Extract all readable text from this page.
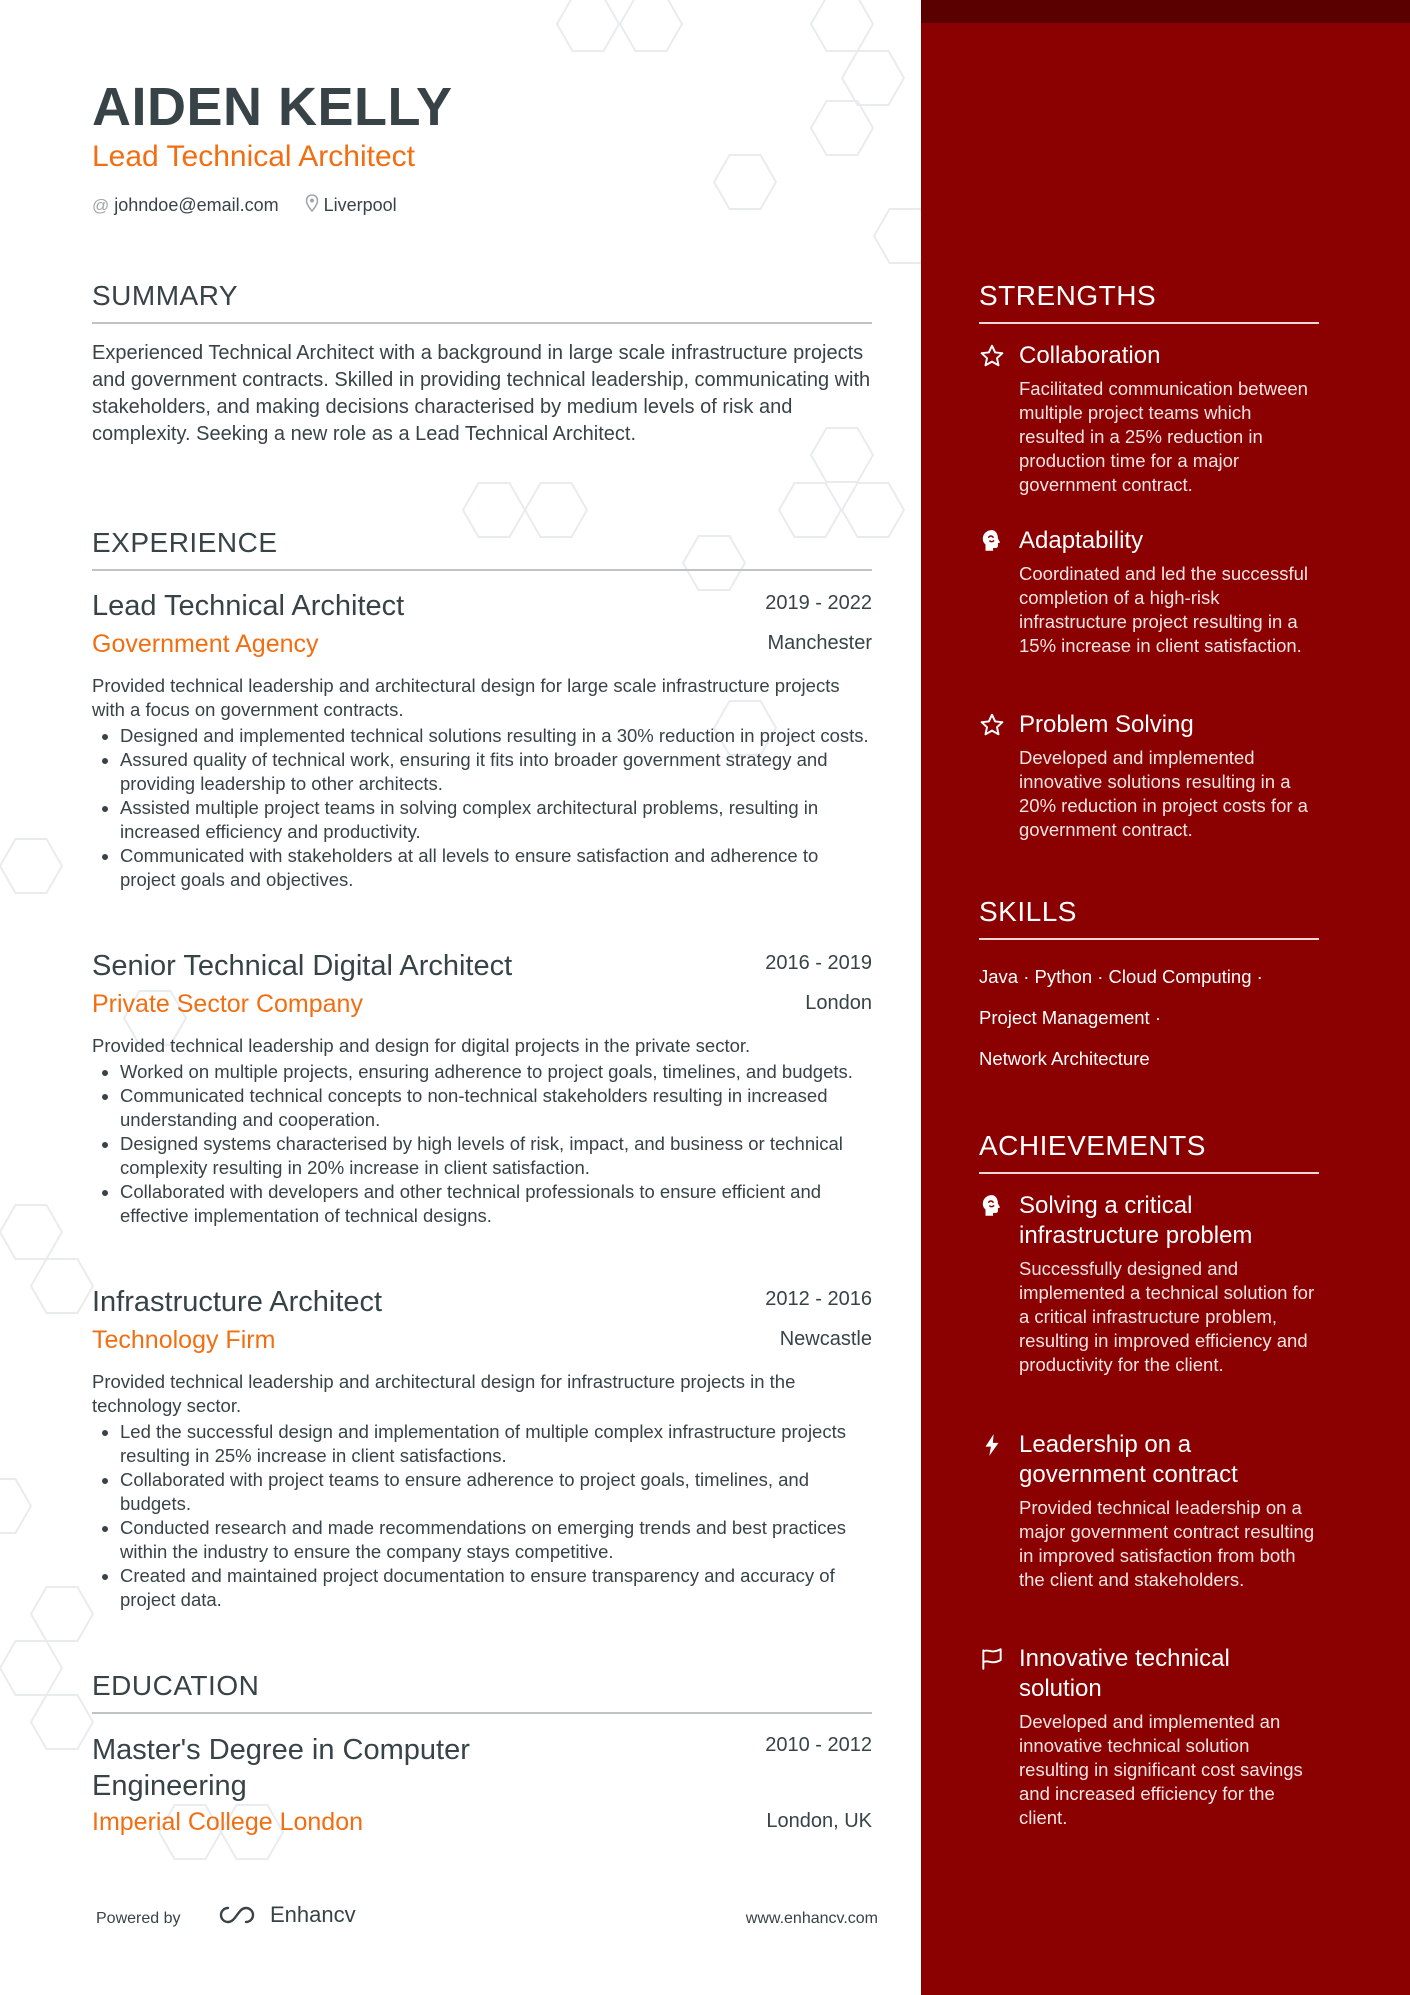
AIDEN KELLY
Lead Technical Architect
@ johndoe@email.com	Liverpool
SUMMARY
Experienced Technical Architect with a background in large scale infrastructure projects and government contracts. Skilled in providing technical leadership, communicating with stakeholders, and making decisions characterised by medium levels of risk and complexity. Seeking a new role as a Lead Technical Architect.
EXPERIENCE
Lead Technical Architect	2019 - 2022
Government Agency	Manchester
Provided technical leadership and architectural design for large scale infrastructure projects with a focus on government contracts.
• Designed and implemented technical solutions resulting in a 30% reduction in project costs.
• Assured quality of technical work, ensuring it fits into broader government strategy and providing leadership to other architects.
• Assisted multiple project teams in solving complex architectural problems, resulting in increased efficiency and productivity.
• Communicated with stakeholders at all levels to ensure satisfaction and adherence to project goals and objectives.
Senior Technical Digital Architect	2016 - 2019
Private Sector Company	London
Provided technical leadership and design for digital projects in the private sector.
• Worked on multiple projects, ensuring adherence to project goals, timelines, and budgets.
• Communicated technical concepts to non-technical stakeholders resulting in increased understanding and cooperation.
• Designed systems characterised by high levels of risk, impact, and business or technical complexity resulting in 20% increase in client satisfaction.
• Collaborated with developers and other technical professionals to ensure efficient and effective implementation of technical designs.
Infrastructure Architect	2012 - 2016
Technology Firm	Newcastle
Provided technical leadership and architectural design for infrastructure projects in the technology sector.
• Led the successful design and implementation of multiple complex infrastructure projects resulting in 25% increase in client satisfactions.
• Collaborated with project teams to ensure adherence to project goals, timelines, and budgets.
• Conducted research and made recommendations on emerging trends and best practices within the industry to ensure the company stays competitive.
• Created and maintained project documentation to ensure transparency and accuracy of project data.
EDUCATION
Master's Degree in Computer Engineering
2010 - 2012
Imperial College London	London, UK
Powered by	Enhancv	www.enhancv.com
STRENGTHS
Collaboration
Facilitated communication between multiple project teams which resulted in a 25% reduction in production time for a major government contract.
Adaptability
Coordinated and led the successful completion of a high-risk infrastructure project resulting in a 15% increase in client satisfaction.
Problem Solving
Developed and implemented innovative solutions resulting in a 20% reduction in project costs for a government contract.
SKILLS
Java · Python · Cloud Computing ·
Project Management ·
Network Architecture
ACHIEVEMENTS
Solving a critical infrastructure problem
Successfully designed and implemented a technical solution for a critical infrastructure problem, resulting in improved efficiency and productivity for the client.
Leadership on a government contract
Provided technical leadership on a major government contract resulting in improved satisfaction from both the client and stakeholders.
Innovative technical solution
Developed and implemented an innovative technical solution resulting in significant cost savings and increased efficiency for the client.
